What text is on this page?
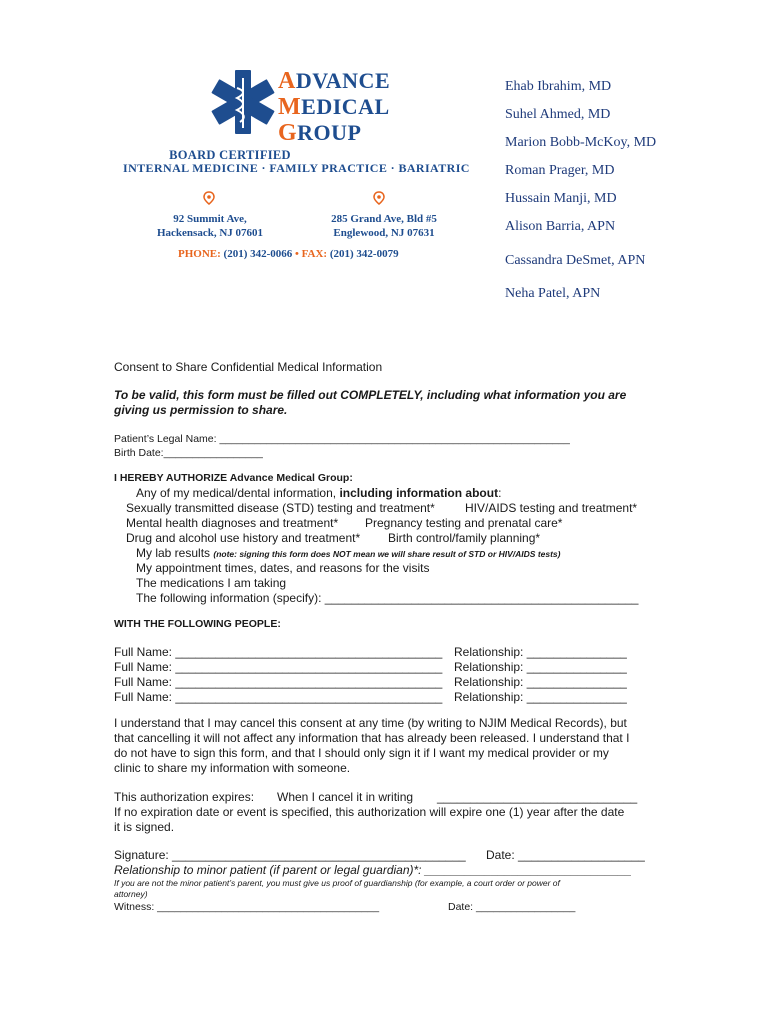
ADVANCE
MEDICAL
GROUP
BOARD CERTIFIED
INTERNAL MEDICINE · FAMILY PRACTICE · BARIATRIC
92 Summit Ave,
Hackensack, NJ 07601
285 Grand Ave, Bld #5
Englewood, NJ 07631
PHONE: (201) 342-0066 • FAX: (201) 342-0079
Ehab Ibrahim, MD
Suhel Ahmed, MD
Marion Bobb-McKoy, MD
Roman Prager, MD
Hussain Manji, MD
Alison Barria, APN
Cassandra DeSmet, APN
Neha Patel, APN
Consent to Share Confidential Medical Information
To be valid, this form must be filled out COMPLETELY, including what information you are
giving us permission to share.
Patient’s Legal Name: ____________________________________________________________
Birth Date:_________________
I HEREBY AUTHORIZE Advance Medical Group:
Any of my medical/dental information, including information about:
Sexually transmitted disease (STD) testing and treatment*	HIV/AIDS testing and treatment*
Mental health diagnoses and treatment* Pregnancy testing and prenatal care*
Drug and alcohol use history and treatment* Birth control/family planning*
My lab results (note: signing this form does NOT mean we will share result of STD or HIV/AIDS tests)
My appointment times, dates, and reasons for the visits
The medications I am taking
The following information (specify): _______________________________________________
WITH THE FOLLOWING PEOPLE:
Full Name: ________________________________________ Relationship: _______________
Full Name: ________________________________________ Relationship: _______________
Full Name: ________________________________________ Relationship: _______________
Full Name: ________________________________________ Relationship: _______________
I understand that I may cancel this consent at any time (by writing to NJIM Medical Records), but
that cancelling it will not affect any information that has already been released. I understand that I
do not have to sign this form, and that I should only sign it if I want my medical provider or my
clinic to share my information with someone.
This authorization expires: When I cancel it in writing ______________________________
If no expiration date or event is specified, this authorization will expire one (1) year after the date
it is signed.
Signature: ____________________________________________ Date: ___________________
Relationship to minor patient (if parent or legal guardian)*: _______________________________
If you are not the minor patient’s parent, you must give us proof of guardianship (for example, a court order or power of
attorney)
Witness: ______________________________________	Date: _________________
